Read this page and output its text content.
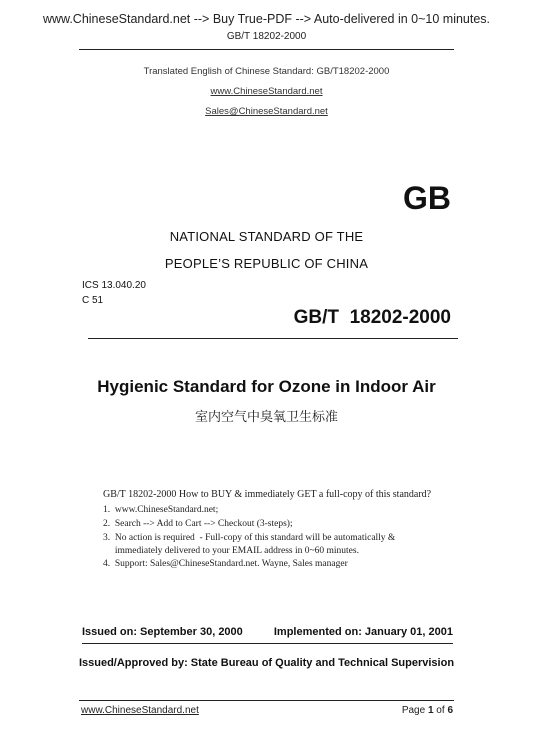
www.ChineseStandard.net --> Buy True-PDF --> Auto-delivered in 0~10 minutes.
GB/T 18202-2000
Translated English of Chinese Standard: GB/T18202-2000
www.ChineseStandard.net
Sales@ChineseStandard.net
GB
NATIONAL STANDARD OF THE
PEOPLE’S REPUBLIC OF CHINA
ICS 13.040.20
C 51
GB/T  18202-2000
Hygienic Standard for Ozone in Indoor Air
室内空气中臭氧卫生标准
GB/T 18202-2000 How to BUY & immediately GET a full-copy of this standard?
1.  www.ChineseStandard.net;
2.  Search --> Add to Cart --> Checkout (3-steps);
3.  No action is required  - Full-copy of this standard will be automatically &
immediately delivered to your EMAIL address in 0~60 minutes.
4.  Support: Sales@ChineseStandard.net. Wayne, Sales manager
Issued on: September 30, 2000	Implemented on: January 01, 2001
Issued/Approved by: State Bureau of Quality and Technical Supervision
www.ChineseStandard.net	Page 1 of 6
